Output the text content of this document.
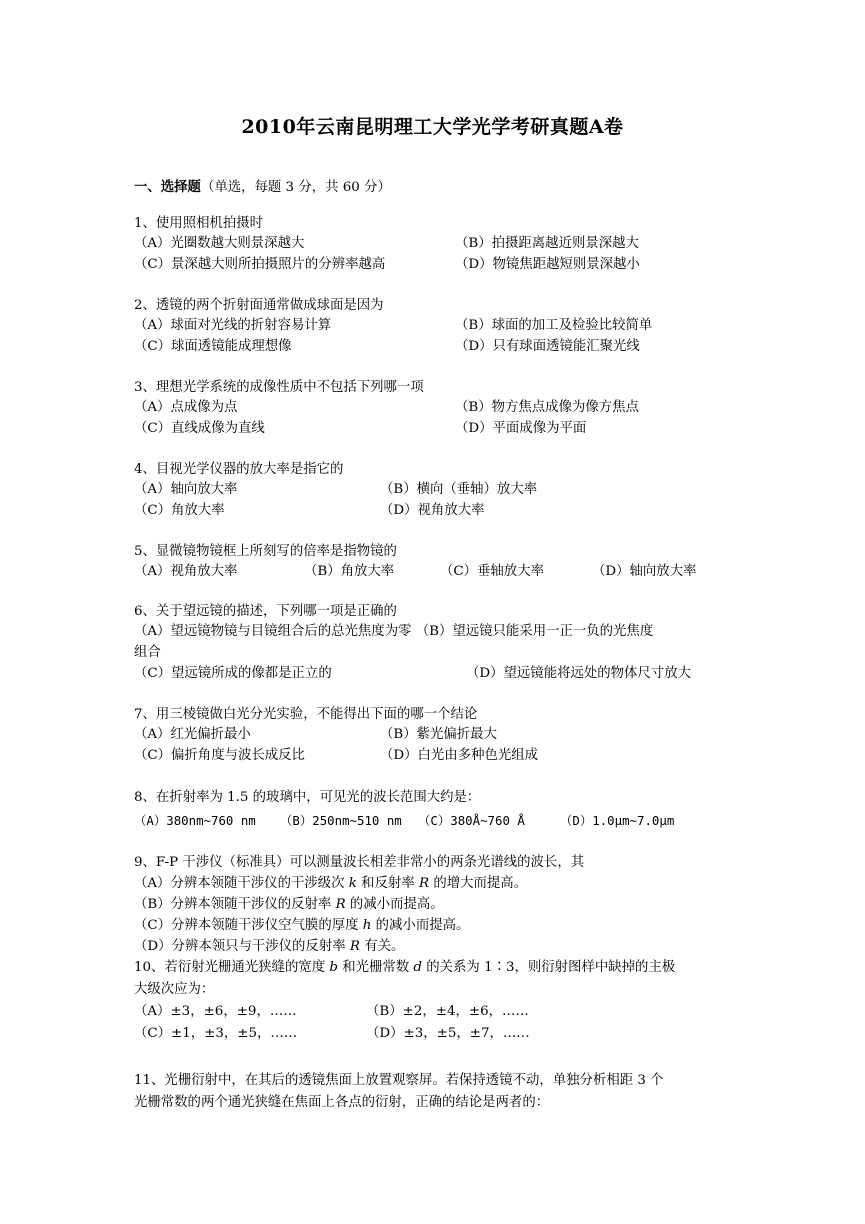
2010年云南昆明理工大学光学考研真题A卷
一、选择题（单选，每题 3 分，共 60 分）
1、使用照相机拍摄时
（A）光圈数越大则景深越大	（B）拍摄距离越近则景深越大
（C）景深越大则所拍摄照片的分辨率越高	（D）物镜焦距越短则景深越小
2、透镜的两个折射面通常做成球面是因为
（A）球面对光线的折射容易计算	（B）球面的加工及检验比较简单
（C）球面透镜能成理想像	（D）只有球面透镜能汇聚光线
3、理想光学系统的成像性质中不包括下列哪一项
（A）点成像为点	（B）物方焦点成像为像方焦点
（C）直线成像为直线	（D）平面成像为平面
4、目视光学仪器的放大率是指它的
（A）轴向放大率	（B）横向（垂轴）放大率
（C）角放大率	（D）视角放大率
5、显微镜物镜框上所刻写的倍率是指物镜的
（A）视角放大率	（B）角放大率	（C）垂轴放大率	（D）轴向放大率
6、关于望远镜的描述，下列哪一项是正确的
（A）望远镜物镜与目镜组合后的总光焦度为零 （B）望远镜只能采用一正一负的光焦度
组合
（C）望远镜所成的像都是正立的	（D）望远镜能将远处的物体尺寸放大
7、用三棱镜做白光分光实验，不能得出下面的哪一个结论
（A）红光偏折最小	（B）紫光偏折最大
（C）偏折角度与波长成反比	（D）白光由多种色光组成
8、在折射率为 1.5 的玻璃中，可见光的波长范围大约是：
（A）380nm~760 nm （B）250nm~510 nm （C）380Å~760 Å	（D）1.0μm~7.0μm
9、F-P 干涉仪（标准具）可以测量波长相差非常小的两条光谱线的波长，其
（A）分辨本领随干涉仪的干涉级次 k 和反射率 R 的增大而提高。
（B）分辨本领随干涉仪的反射率 R 的减小而提高。
（C）分辨本领随干涉仪空气膜的厚度 h 的减小而提高。
（D）分辨本领只与干涉仪的反射率 R 有关。
10、若衍射光栅通光狭缝的宽度 b 和光栅常数 d 的关系为 1∶3，则衍射图样中缺掉的主极
大级次应为：
（A）±3，±6，±9，……	（B）±2，±4，±6，……
（C）±1，±3，±5，……	（D）±3，±5，±7，……
11、光栅衍射中，在其后的透镜焦面上放置观察屏。若保持透镜不动，单独分析相距 3 个
光栅常数的两个通光狭缝在焦面上各点的衍射，正确的结论是两者的：
